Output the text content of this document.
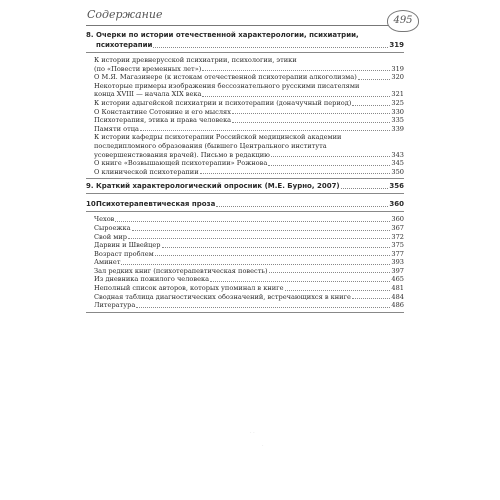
Содержание	495
8. Очерки по истории отечественной характерологии, психиатрии,
психотерапии	319
К истории древнерусской психиатрии, психологии, этики
(по «Повести временных лет»)	319
О М.Я. Магазинере (к истокам отечественной психотерапии алкоголизма)	320
Некоторые примеры изображения бессознательного русскими писателями
конца XVIII — начала XIX века	321
К истории адыгейской психиатрии и психотерапии (доначучный период)	325
О Константине Сотонине и его мыслях	330
Психотерапия, этика и права человека	335
Памяти отца	339
К истории кафедры психотерапии Российской медицинской академии
последипломного образования (бывшего Центрального института
усовершенствования врачей). Письмо в редакцию	343
О книге «Возвышающей психотерапии» Рожнова	345
О клинической психотерапии	350
9. Краткий характерологический опросник (М.Е. Бурно, 2007)	356
10.
Психотерапевтическая проза	360
Чехов	360
Сыроежка	367
Свой мир	372
Дарвин и Швейцер	375
Возраст проблем	377
Аминет	393
Зал редких книг (психотерапевтическая повесть)	397
Из дневника пожилого человека	465
Неполный список авторов, которых упоминал в книге	481
Сводная таблица диагностических обозначений, встречающихся в книге	484
Литература	486
· ·
·
